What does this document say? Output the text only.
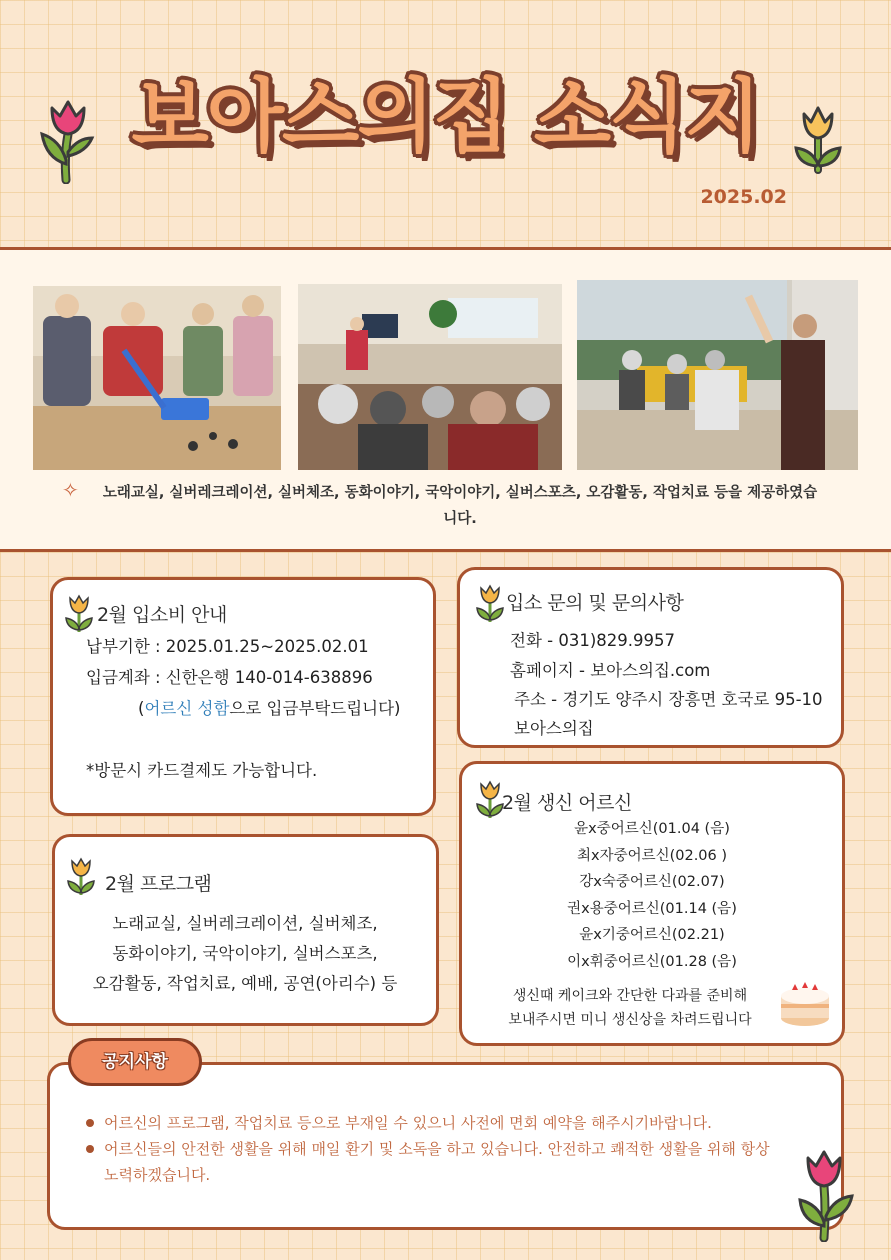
보아스의집 소식지
2025.02
✧ 노래교실, 실버레크레이션, 실버체조, 동화이야기, 국악이야기, 실버스포츠, 오감활동, 작업치료 등을 제공하였습니다.
2월 입소비 안내
납부기한 : 2025.01.25~2025.02.01
입금계좌 : 신한은행 140-014-638896
(어르신 성함으로 입금부탁드립니다)
*방문시 카드결제도 가능합니다.
입소 문의 및 문의사항
전화 - 031)829.9957
홈페이지 - 보아스의집.com
주소 - 경기도 양주시 장흥면 호국로 95-10
보아스의집
2월 생신 어르신
윤x중어르신(01.04 (음)
최x자중어르신(02.06 )
강x숙중어르신(02.07)
권x용중어르신(01.14 (음)
윤x기중어르신(02.21)
이x휘중어르신(01.28 (음)
생신때 케이크와 간단한 다과를 준비해
보내주시면 미니 생신상을 차려드립니다
2월 프로그램
노래교실, 실버레크레이션, 실버체조,
동화이야기, 국악이야기, 실버스포츠,
오감활동, 작업치료, 예배, 공연(아리수) 등
공지사항
어르신의 프로그램, 작업치료 등으로 부재일 수 있으니 사전에 면회 예약을 해주시기바랍니다.
어르신들의 안전한 생활을 위해 매일 환기 및 소독을 하고 있습니다. 안전하고 쾌적한 생활을 위해 항상 노력하겠습니다.
